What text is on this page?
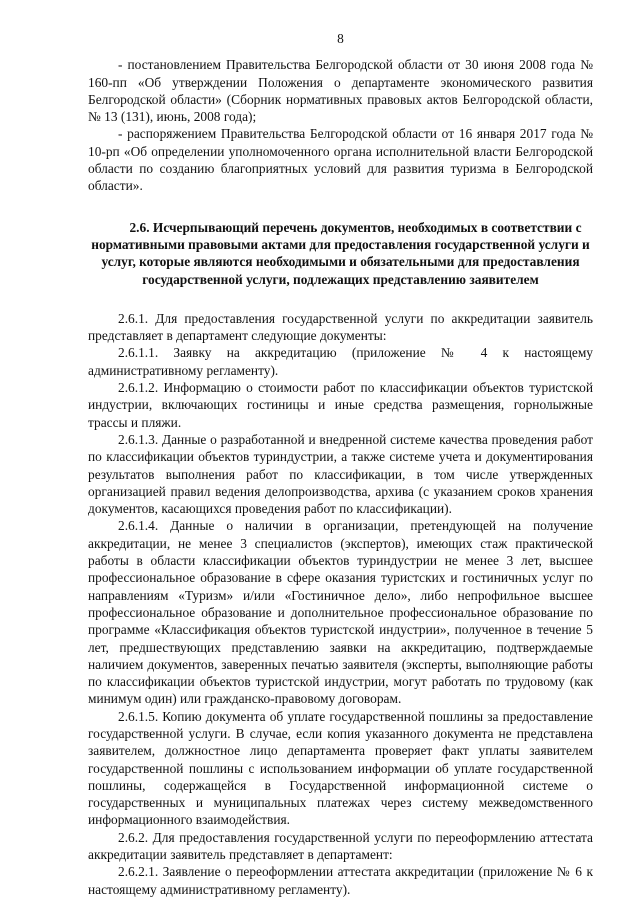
8

- постановлением Правительства Белгородской области от 30 июня 2008 года № 160-пп «Об утверждении Положения о департаменте экономического развития Белгородской области» (Сборник нормативных правовых актов Белгородской области, № 13 (131), июнь, 2008 года);

- распоряжением Правительства Белгородской области от 16 января 2017 года № 10-рп «Об определении уполномоченного органа исполнительной власти Белгородской области по созданию благоприятных условий для развития туризма в Белгородской области».

2.6. Исчерпывающий перечень документов, необходимых в соответствии с нормативными правовыми актами для предоставления государственной услуги и услуг, которые являются необходимыми и обязательными для предоставления государственной услуги, подлежащих представлению заявителем

2.6.1. Для предоставления государственной услуги по аккредитации заявитель представляет в департамент следующие документы:

2.6.1.1. Заявку на аккредитацию (приложение № 4 к настоящему административному регламенту).

2.6.1.2. Информацию о стоимости работ по классификации объектов туристской индустрии, включающих гостиницы и иные средства размещения, горнолыжные трассы и пляжи.

2.6.1.3. Данные о разработанной и внедренной системе качества проведения работ по классификации объектов туриндустрии, а также системе учета и документирования результатов выполнения работ по классификации, в том числе утвержденных организацией правил ведения делопроизводства, архива (с указанием сроков хранения документов, касающихся проведения работ по классификации).

2.6.1.4. Данные о наличии в организации, претендующей на получение аккредитации, не менее 3 специалистов (экспертов), имеющих стаж практической работы в области классификации объектов туриндустрии не менее 3 лет, высшее профессиональное образование в сфере оказания туристских и гостиничных услуг по направлениям «Туризм» и/или «Гостиничное дело», либо непрофильное высшее профессиональное образование и дополнительное профессиональное образование по программе «Классификация объектов туристской индустрии», полученное в течение 5 лет, предшествующих представлению заявки на аккредитацию, подтверждаемые наличием документов, заверенных печатью заявителя (эксперты, выполняющие работы по классификации объектов туристской индустрии, могут работать по трудовому (как минимум один) или гражданско-правовому договорам.

2.6.1.5. Копию документа об уплате государственной пошлины за предоставление государственной услуги. В случае, если копия указанного документа не представлена заявителем, должностное лицо департамента проверяет факт уплаты заявителем государственной пошлины с использованием информации об уплате государственной пошлины, содержащейся в Государственной информационной системе о государственных и муниципальных платежах через систему межведомственного информационного взаимодействия.

2.6.2. Для предоставления государственной услуги по переоформлению аттестата аккредитации заявитель представляет в департамент:

2.6.2.1. Заявление о переоформлении аттестата аккредитации (приложение № 6 к настоящему административному регламенту).
